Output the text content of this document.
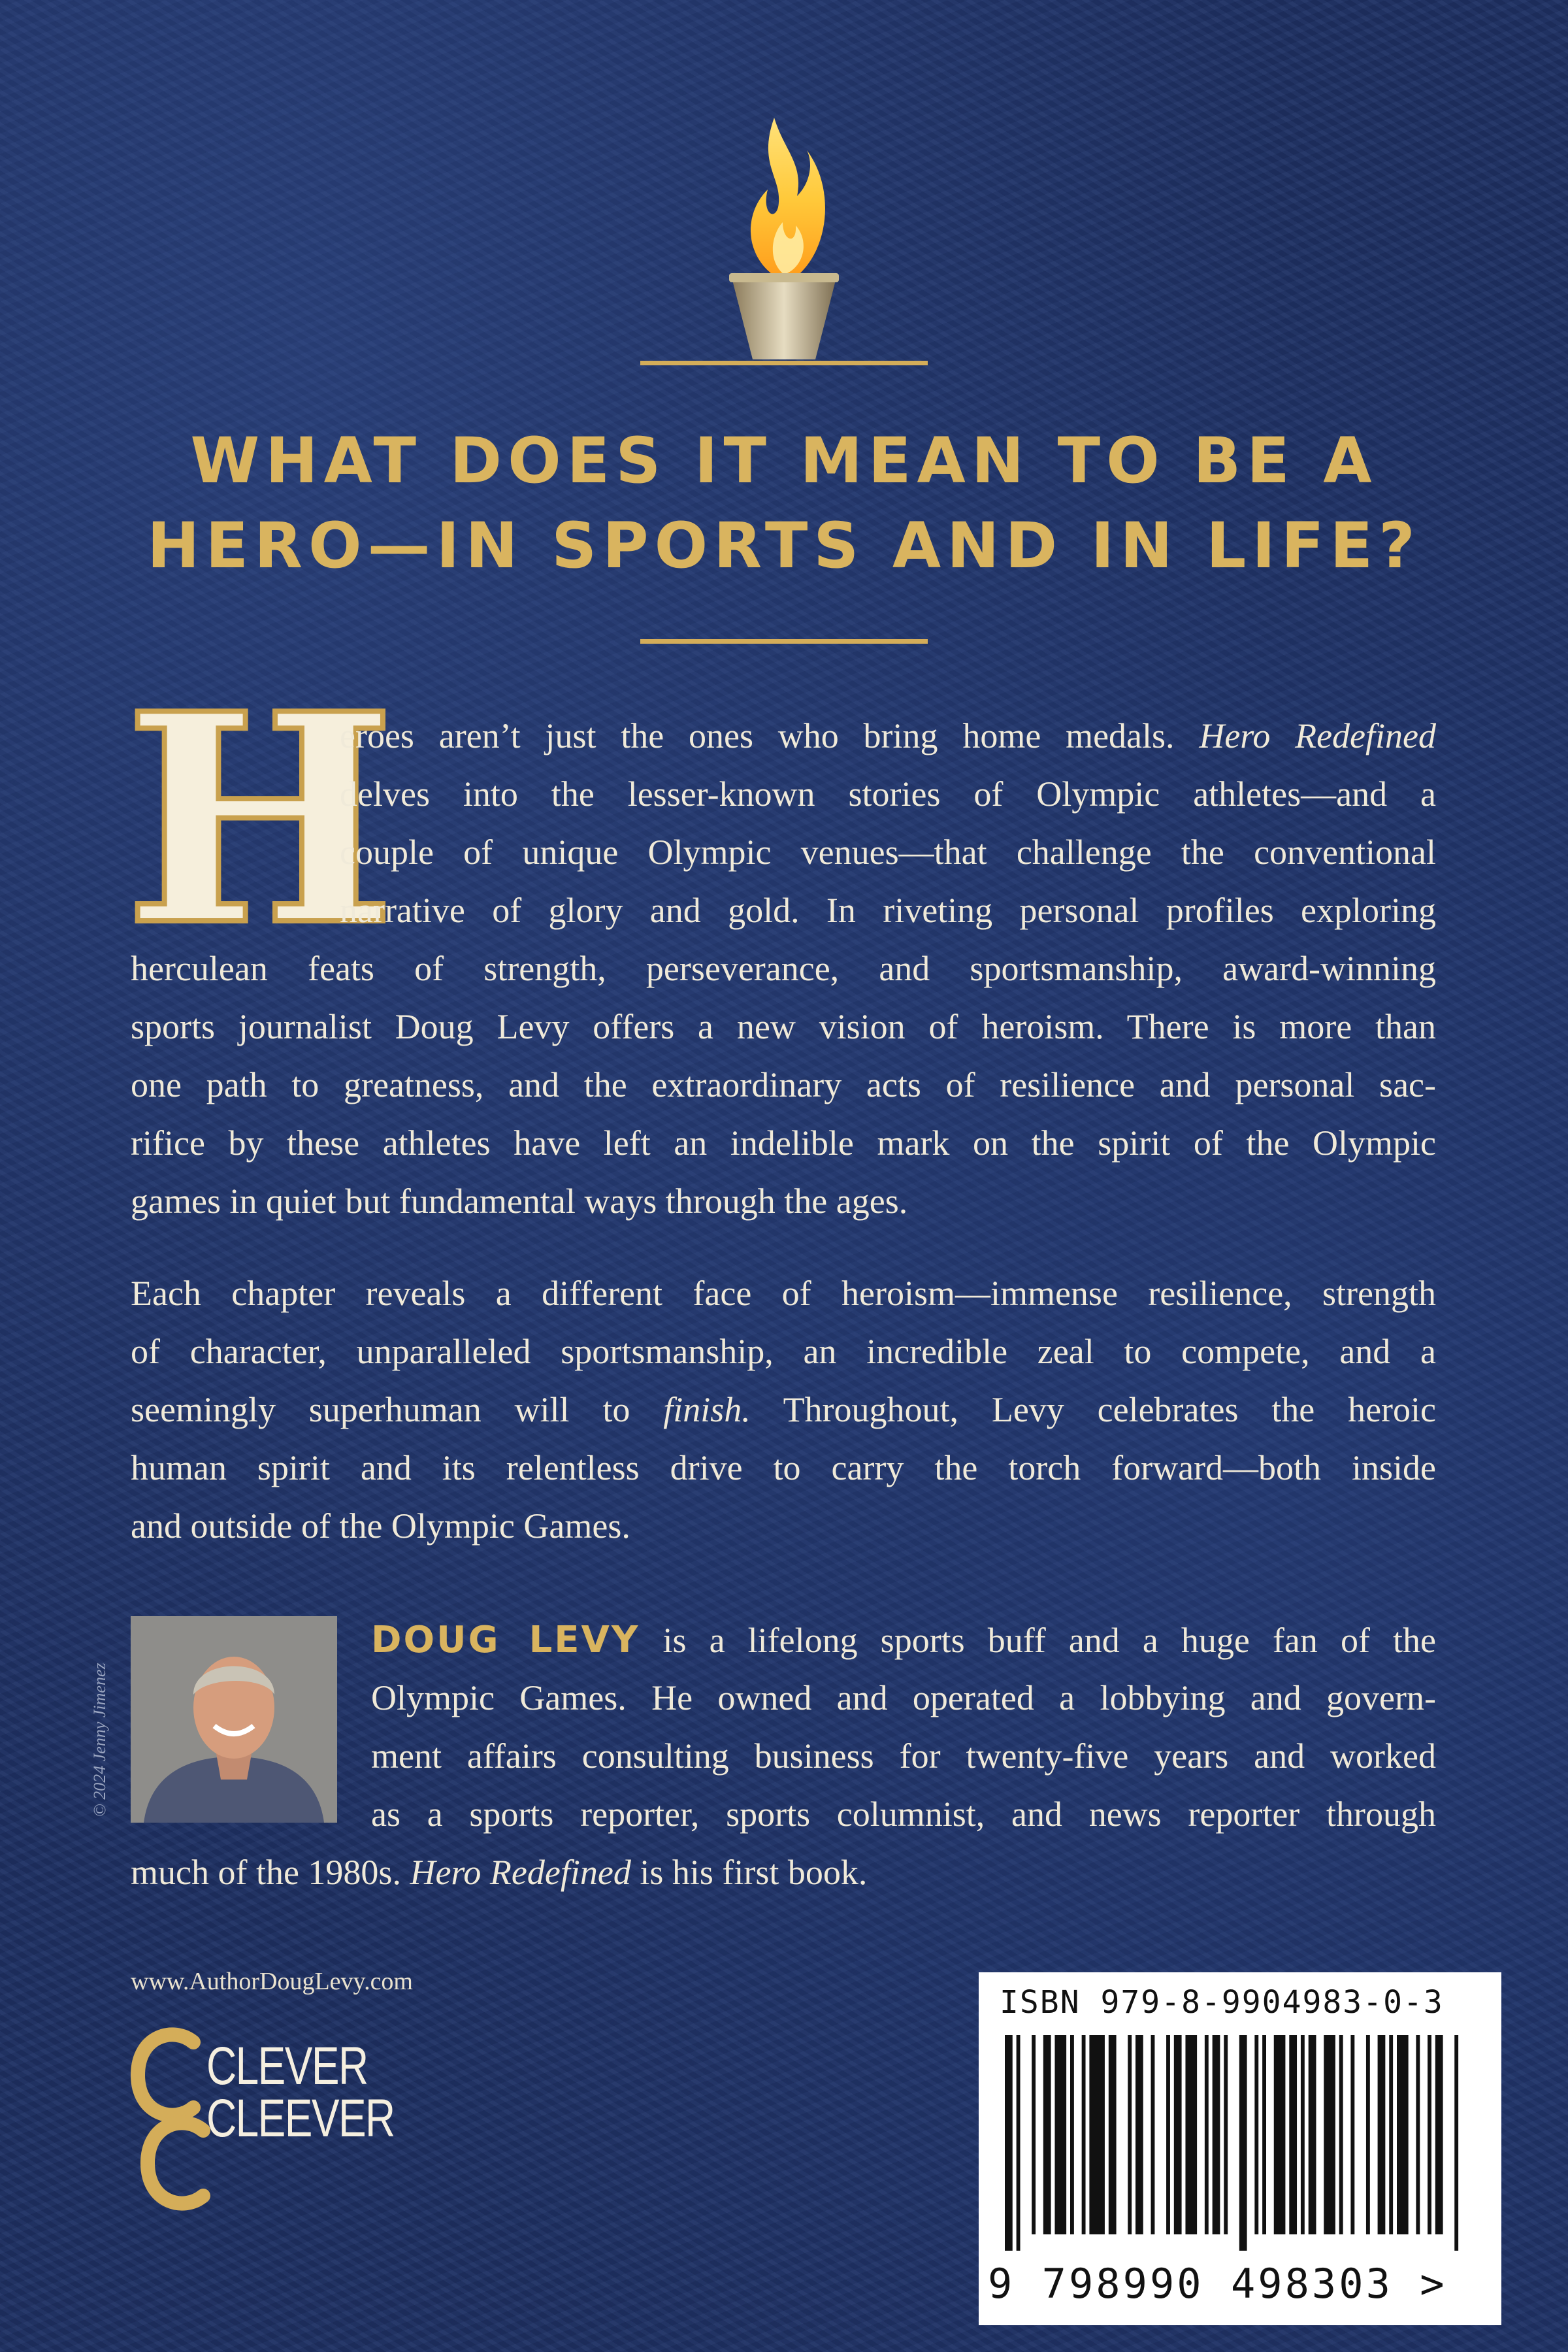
WHAT DOES IT MEAN TO BE A
HERO—IN SPORTS AND IN LIFE?
H
eroes aren’t just the ones who bring home medals. Hero Redefined
delves into the lesser-known stories of Olympic athletes—and a
couple of unique Olympic venues—that challenge the conventional
narrative of glory and gold. In riveting personal profiles exploring
herculean feats of strength, perseverance, and sportsmanship, award-winning
sports journalist Doug Levy offers a new vision of heroism. There is more than
one path to greatness, and the extraordinary acts of resilience and personal sac-
rifice by these athletes have left an indelible mark on the spirit of the Olympic
games in quiet but fundamental ways through the ages.
Each chapter reveals a different face of heroism—immense resilience, strength
of character, unparalleled sportsmanship, an incredible zeal to compete, and a
seemingly superhuman will to finish. Throughout, Levy celebrates the heroic
human spirit and its relentless drive to carry the torch forward—both inside
and outside of the Olympic Games.
© 2024 Jenny Jimenez
DOUG LEVY is a lifelong sports buff and a huge fan of the
Olympic Games. He owned and operated a lobbying and govern-
ment affairs consulting business for twenty-five years and worked
as a sports reporter, sports columnist, and news reporter through
much of the 1980s. Hero Redefined is his first book.
www.AuthorDougLevy.com
CLEVER
CLEEVER
ISBN 979-8-9904983-0-3
9 798990 498303 >
